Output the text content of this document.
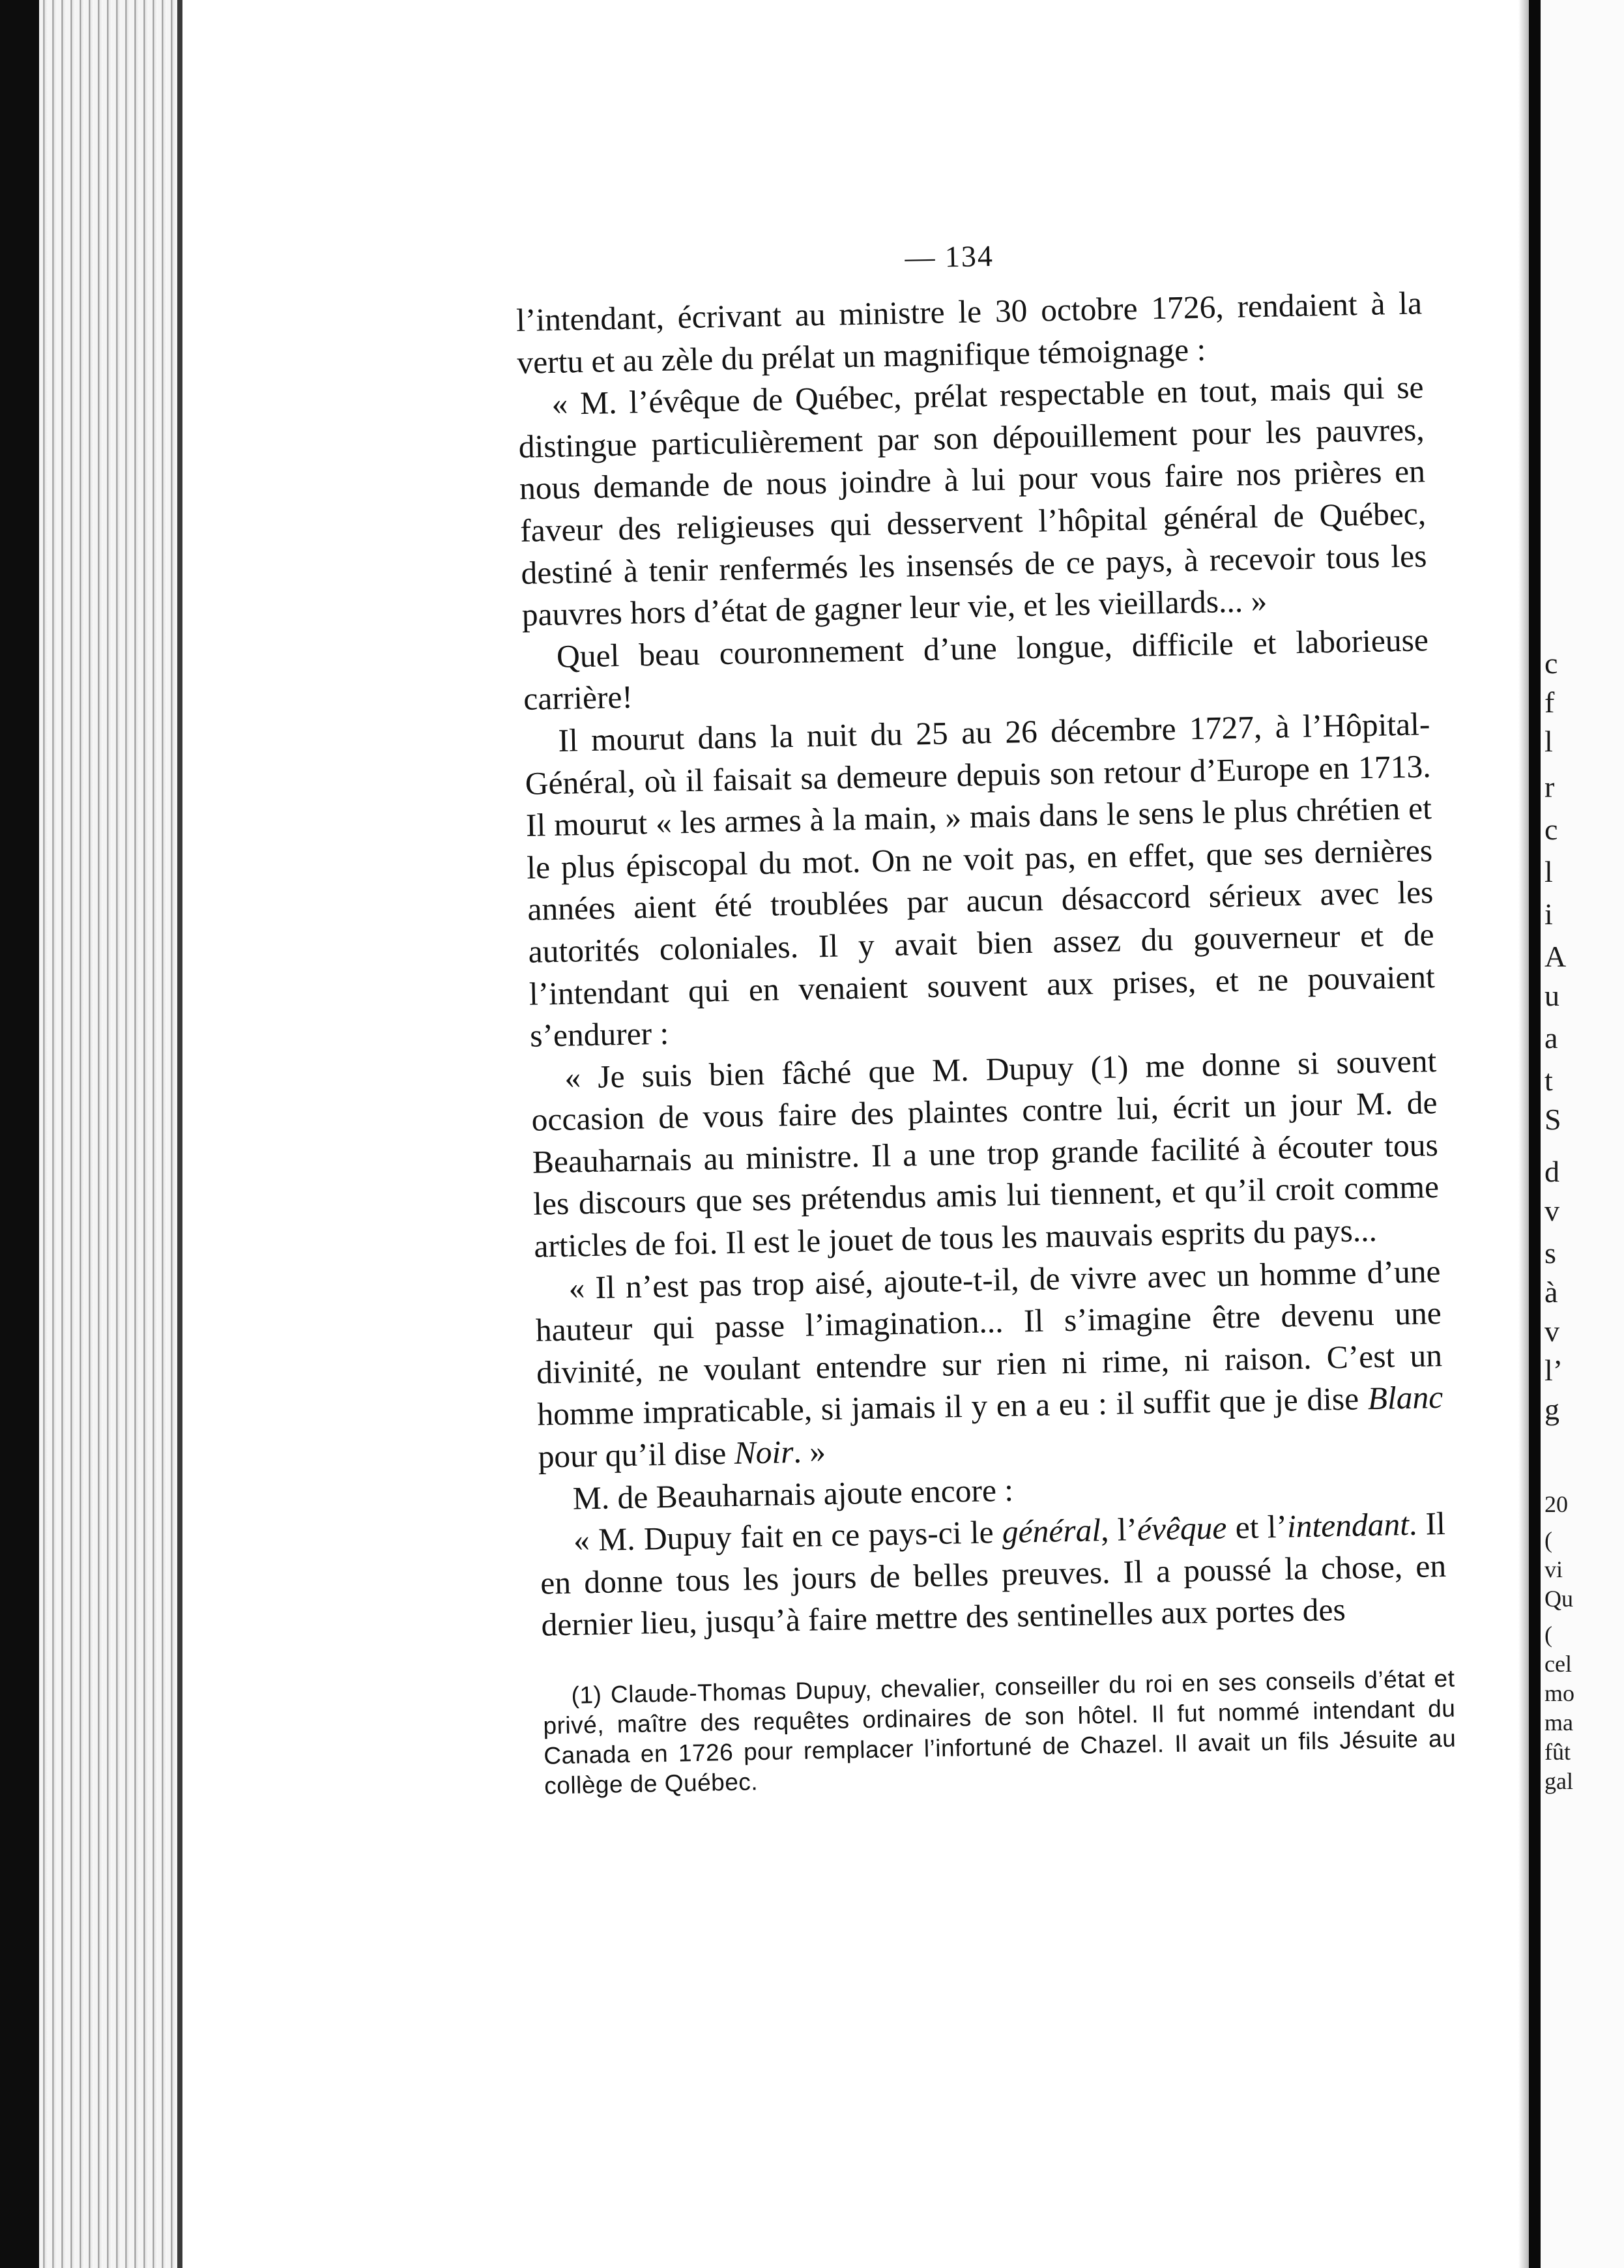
c
f
l
r
c
l
i
A
u
a
t
S
d
v
s
à
v
l’
g
20
(
vi
Qu
(
cel
mo
ma
fût
gal
— 134

l’intendant, écrivant au ministre le 30 octobre 1726, rendaient à la vertu et au zèle du prélat un magnifique témoignage :

« M. l’évêque de Québec, prélat respectable en tout, mais qui se distingue particulièrement par son dépouillement pour les pauvres, nous demande de nous joindre à lui pour vous faire nos prières en faveur des religieuses qui desservent l’hôpital général de Québec, destiné à tenir renfermés les insensés de ce pays, à recevoir tous les pauvres hors d’état de gagner leur vie, et les vieillards... »

Quel beau couronnement d’une longue, difficile et laborieuse carrière!

Il mourut dans la nuit du 25 au 26 décembre 1727, à l’Hôpital-Général, où il faisait sa demeure depuis son retour d’Europe en 1713. Il mourut « les armes à la main, » mais dans le sens le plus chrétien et le plus épiscopal du mot. On ne voit pas, en effet, que ses dernières années aient été troublées par aucun désaccord sérieux avec les autorités coloniales. Il y avait bien assez du gouverneur et de l’intendant qui en venaient souvent aux prises, et ne pouvaient s’endurer :

« Je suis bien fâché que M. Dupuy (1) me donne si souvent occasion de vous faire des plaintes contre lui, écrit un jour M. de Beauharnais au ministre. Il a une trop grande facilité à écouter tous les discours que ses prétendus amis lui tiennent, et qu’il croit comme articles de foi. Il est le jouet de tous les mauvais esprits du pays...

« Il n’est pas trop aisé, ajoute-t-il, de vivre avec un homme d’une hauteur qui passe l’imagination... Il s’imagine être devenu une divinité, ne voulant entendre sur rien ni rime, ni raison. C’est un homme impraticable, si jamais il y en a eu : il suffit que je dise Blanc pour qu’il dise Noir. »

M. de Beauharnais ajoute encore :

« M. Dupuy fait en ce pays-ci le général, l’évêque et l’intendant. Il en donne tous les jours de belles preuves. Il a poussé la chose, en dernier lieu, jusqu’à faire mettre des sentinelles aux portes des

(1) Claude-Thomas Dupuy, chevalier, conseiller du roi en ses conseils d’état et privé, maître des requêtes ordinaires de son hôtel. Il fut nommé intendant du Canada en 1726 pour remplacer l’infortuné de Chazel. Il avait un fils Jésuite au collège de Québec.
